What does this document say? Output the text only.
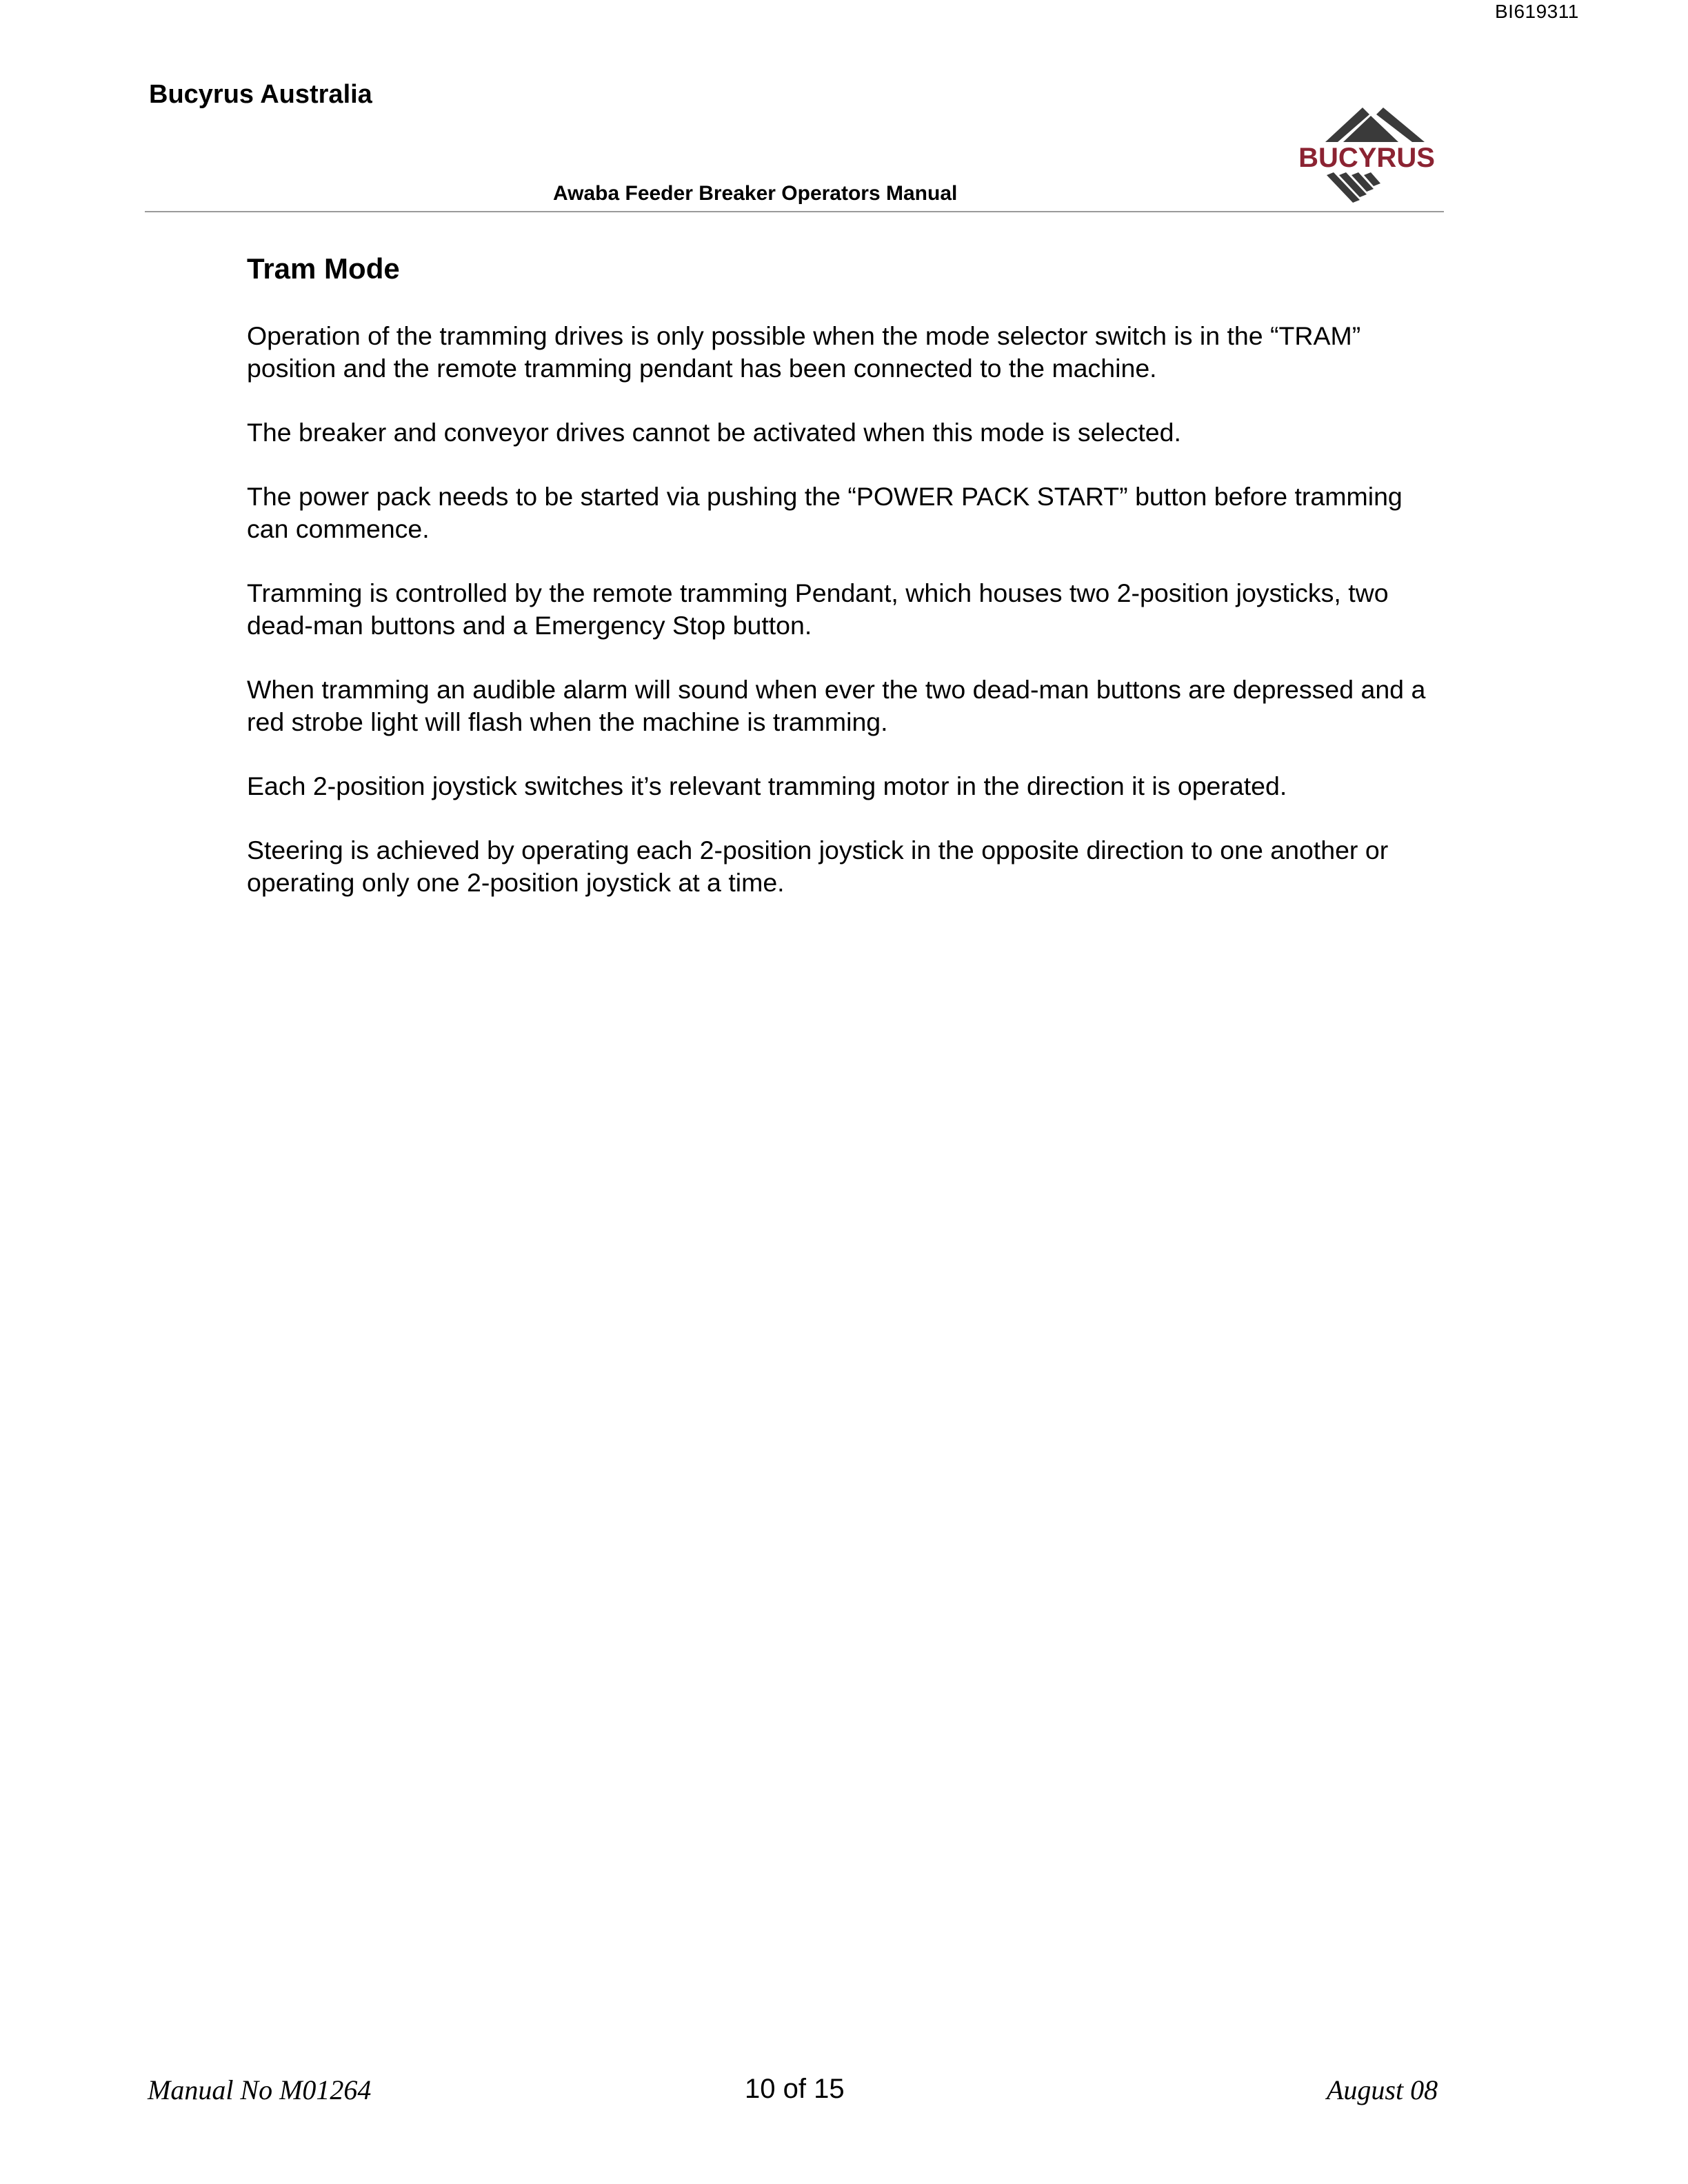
BI619311
Bucyrus Australia
BUCYRUS
Awaba Feeder Breaker Operators Manual
Tram Mode

Operation of the tramming drives is only possible when the mode selector switch is in the “TRAM” position and the remote tramming pendant has been connected to the machine.

The breaker and conveyor drives cannot be activated when this mode is selected.

The power pack needs to be started via pushing the “POWER PACK START” button before tramming can commence.

Tramming is controlled by the remote tramming Pendant, which houses two 2-position joysticks, two dead-man buttons and a Emergency Stop button.

When tramming an audible alarm will sound when ever the two dead-man buttons are depressed and a red strobe light will flash when the machine is tramming.

Each 2-position joystick switches it’s relevant tramming motor in the direction it is operated.

Steering is achieved by operating each 2-position joystick in the opposite direction to one another or operating only one 2-position joystick at a time.

Manual No M01264	10 of 15	August 08
